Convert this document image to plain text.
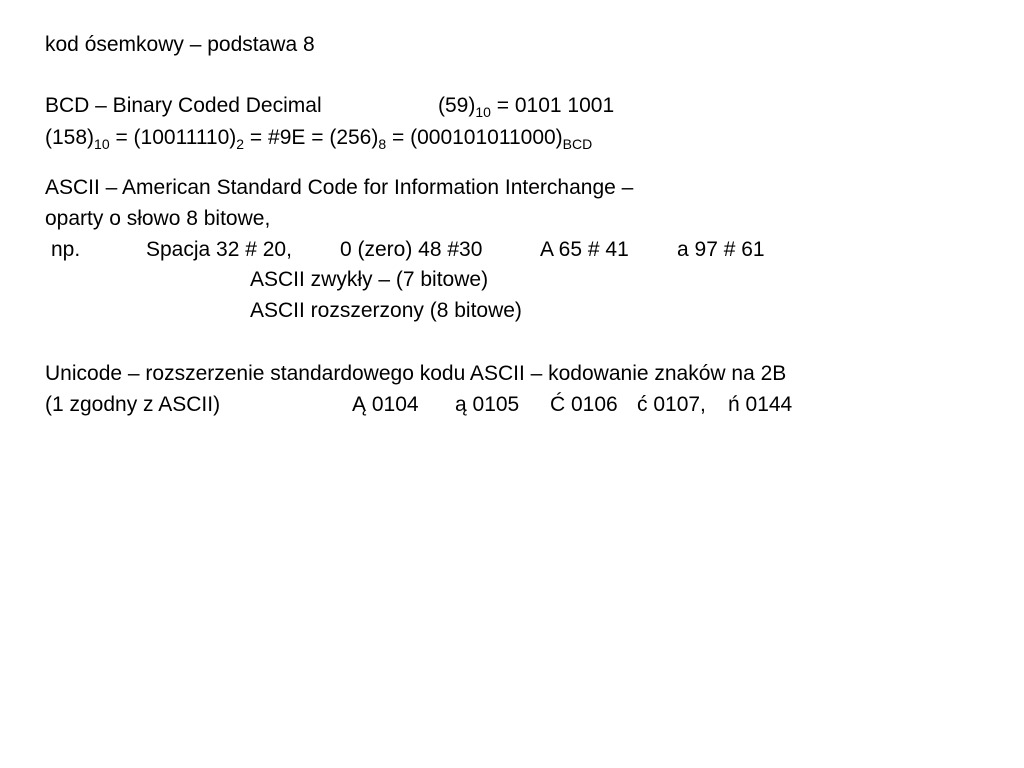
kod ósemkowy – podstawa 8
BCD – Binary Coded Decimal	$(59)_{10} = 0101$ 1001
$(158)_{10} = (10011110)_2$ = #9E = $(256)_8 = (000101011000)_{BCD}$
ASCII – American Standard Code for Information Interchange –
oparty o słowo 8 bitowe,
np.	Spacja 32 # 20, 0 (zero) 48 #30	A 65 # 41 a 97 # 61
ASCII zwykły – (7 bitowe)
ASCII rozszerzony (8 bitowe)
Unicode – rozszerzenie standardowego kodu ASCII – kodowanie znaków na 2B
(1 zgodny z ASCII)	Ą 0104 ą 0105 Ć 0106 ć 0107, ń 0144
